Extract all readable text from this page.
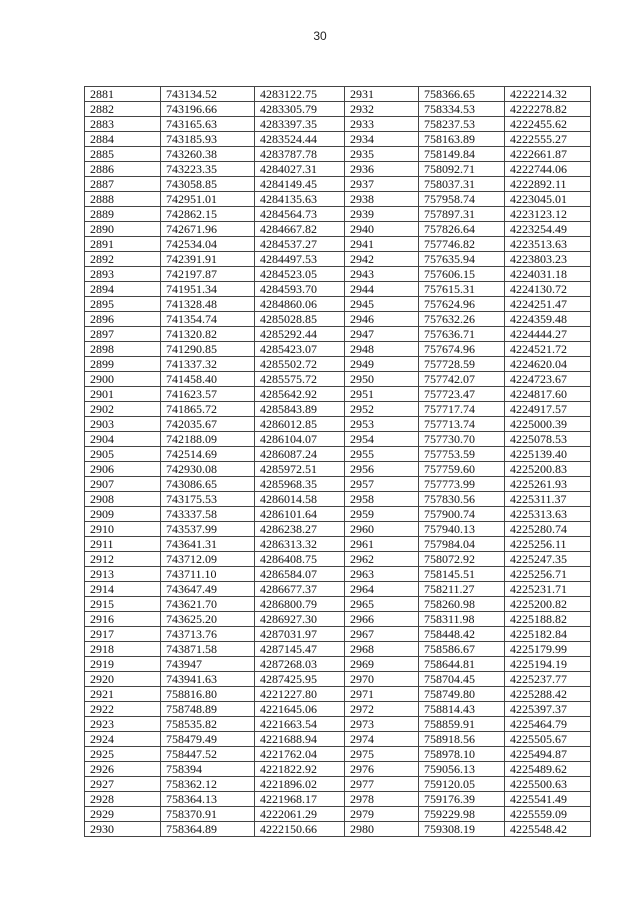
30
2881	743134.52	4283122.75	2931	758366.65	4222214.32
2882	743196.66	4283305.79	2932	758334.53	4222278.82
2883	743165.63	4283397.35	2933	758237.53	4222455.62
2884	743185.93	4283524.44	2934	758163.89	4222555.27
2885	743260.38	4283787.78	2935	758149.84	4222661.87
2886	743223.35	4284027.31	2936	758092.71	4222744.06
2887	743058.85	4284149.45	2937	758037.31	4222892.11
2888	742951.01	4284135.63	2938	757958.74	4223045.01
2889	742862.15	4284564.73	2939	757897.31	4223123.12
2890	742671.96	4284667.82	2940	757826.64	4223254.49
2891	742534.04	4284537.27	2941	757746.82	4223513.63
2892	742391.91	4284497.53	2942	757635.94	4223803.23
2893	742197.87	4284523.05	2943	757606.15	4224031.18
2894	741951.34	4284593.70	2944	757615.31	4224130.72
2895	741328.48	4284860.06	2945	757624.96	4224251.47
2896	741354.74	4285028.85	2946	757632.26	4224359.48
2897	741320.82	4285292.44	2947	757636.71	4224444.27
2898	741290.85	4285423.07	2948	757674.96	4224521.72
2899	741337.32	4285502.72	2949	757728.59	4224620.04
2900	741458.40	4285575.72	2950	757742.07	4224723.67
2901	741623.57	4285642.92	2951	757723.47	4224817.60
2902	741865.72	4285843.89	2952	757717.74	4224917.57
2903	742035.67	4286012.85	2953	757713.74	4225000.39
2904	742188.09	4286104.07	2954	757730.70	4225078.53
2905	742514.69	4286087.24	2955	757753.59	4225139.40
2906	742930.08	4285972.51	2956	757759.60	4225200.83
2907	743086.65	4285968.35	2957	757773.99	4225261.93
2908	743175.53	4286014.58	2958	757830.56	4225311.37
2909	743337.58	4286101.64	2959	757900.74	4225313.63
2910	743537.99	4286238.27	2960	757940.13	4225280.74
2911	743641.31	4286313.32	2961	757984.04	4225256.11
2912	743712.09	4286408.75	2962	758072.92	4225247.35
2913	743711.10	4286584.07	2963	758145.51	4225256.71
2914	743647.49	4286677.37	2964	758211.27	4225231.71
2915	743621.70	4286800.79	2965	758260.98	4225200.82
2916	743625.20	4286927.30	2966	758311.98	4225188.82
2917	743713.76	4287031.97	2967	758448.42	4225182.84
2918	743871.58	4287145.47	2968	758586.67	4225179.99
2919	743947	4287268.03	2969	758644.81	4225194.19
2920	743941.63	4287425.95	2970	758704.45	4225237.77
2921	758816.80	4221227.80	2971	758749.80	4225288.42
2922	758748.89	4221645.06	2972	758814.43	4225397.37
2923	758535.82	4221663.54	2973	758859.91	4225464.79
2924	758479.49	4221688.94	2974	758918.56	4225505.67
2925	758447.52	4221762.04	2975	758978.10	4225494.87
2926	758394	4221822.92	2976	759056.13	4225489.62
2927	758362.12	4221896.02	2977	759120.05	4225500.63
2928	758364.13	4221968.17	2978	759176.39	4225541.49
2929	758370.91	4222061.29	2979	759229.98	4225559.09
2930	758364.89	4222150.66	2980	759308.19	4225548.42
